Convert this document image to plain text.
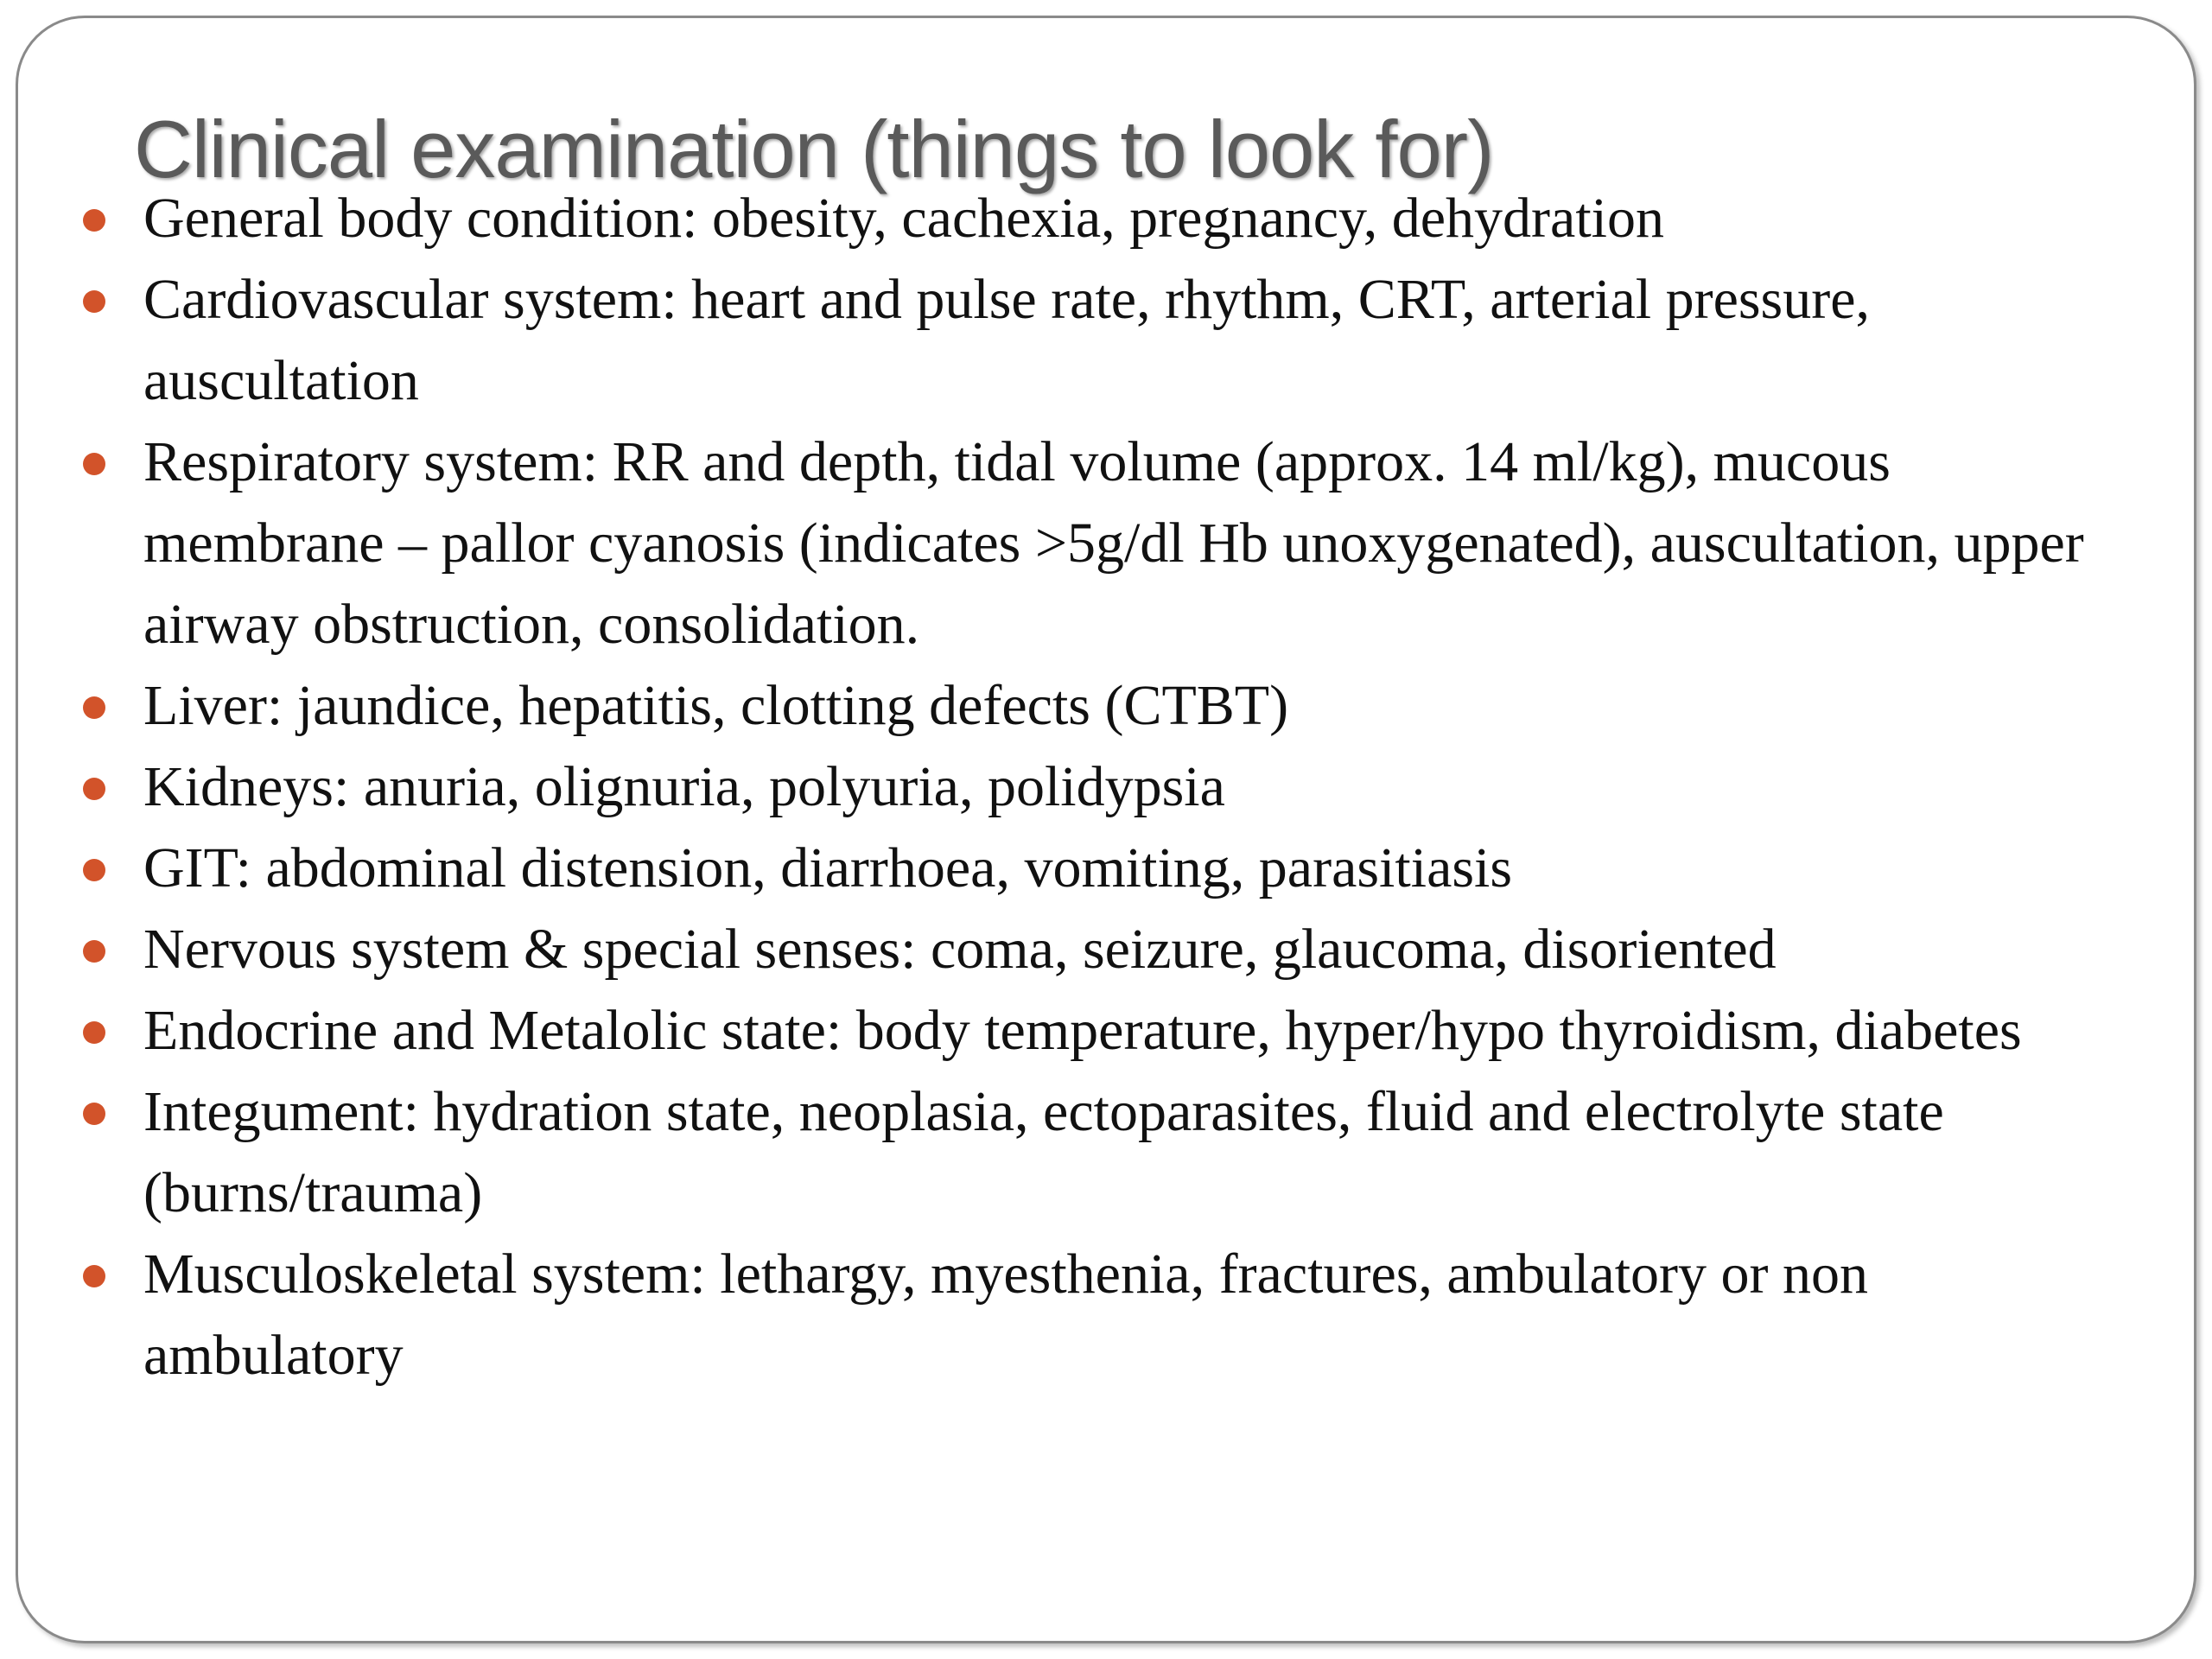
Clinical examination (things to look for)
General body condition: obesity, cachexia, pregnancy, dehydration
Cardiovascular system: heart and pulse rate, rhythm, CRT, arterial pressure, auscultation
Respiratory system: RR and depth, tidal volume (approx. 14 ml/kg), mucous membrane – pallor cyanosis (indicates >5g/dl Hb unoxygenated), auscultation, upper airway obstruction, consolidation.
Liver: jaundice, hepatitis, clotting defects (CTBT)
Kidneys: anuria, olignuria, polyuria, polidypsia
GIT: abdominal distension, diarrhoea, vomiting, parasitiasis
Nervous system & special senses: coma, seizure, glaucoma, disoriented
Endocrine and Metalolic state: body temperature, hyper/hypo thyroidism, diabetes
Integument: hydration state, neoplasia, ectoparasites, fluid and electrolyte state (burns/trauma)
Musculoskeletal system: lethargy, myesthenia, fractures, ambulatory or non ambulatory
